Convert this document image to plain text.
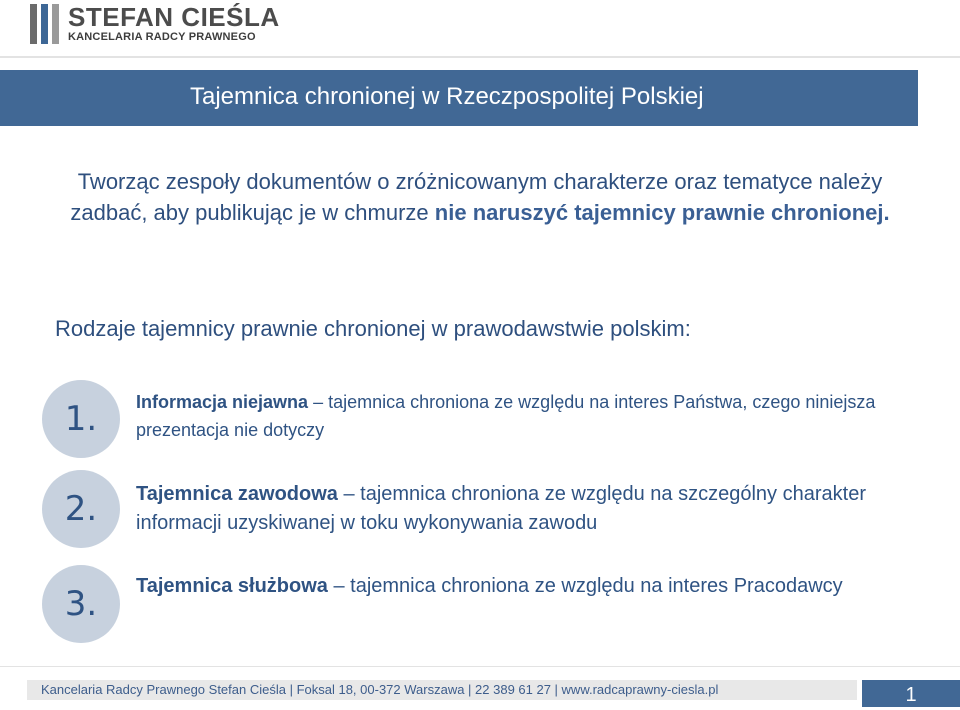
STEFAN CIEŚLA
KANCELARIA RADCY PRAWNEGO
Tajemnica chronionej w Rzeczpospolitej Polskiej
Tworząc zespoły dokumentów o zróżnicowanym charakterze oraz tematyce należy zadbać, aby publikując je w chmurze nie naruszyć tajemnicy prawnie chronionej.
Rodzaje tajemnicy prawnie chronionej w prawodawstwie polskim:
1.	Informacja niejawna – tajemnica chroniona ze względu na interes Państwa, czego niniejsza prezentacja nie dotyczy
2.	Tajemnica zawodowa – tajemnica chroniona ze względu na szczególny charakter informacji uzyskiwanej w toku wykonywania zawodu
3.	Tajemnica służbowa – tajemnica chroniona ze względu na interes Pracodawcy
Kancelaria Radcy Prawnego Stefan Cieśla | Foksal 18, 00-372 Warszawa | 22 389 61 27 | www.radcaprawny-ciesla.pl	1
